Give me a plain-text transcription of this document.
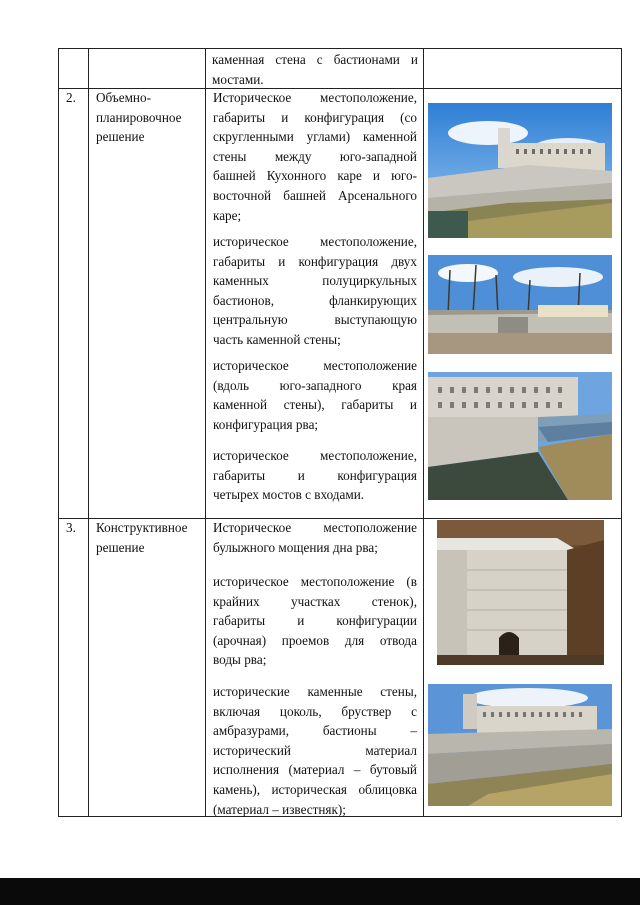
каменная стена с бастионами и мостами.
2. Объемно-
планировочное
решение
Историческое местоположение,
габариты и конфигурация (со
скругленными углами) каменной
стены между юго-западной
башней Кухонного каре и юго-
восточной башней Арсенального
каре;
историческое местоположение,
габариты и конфигурация двух
каменных полуциркульных
бастионов, фланкирующих
центральную выступающую
часть каменной стены;
историческое местоположение
(вдоль юго-западного края
каменной стены), габариты и
конфигурация рва;
историческое местоположение,
габариты и конфигурация
четырех мостов с входами.
3. Конструктивное
решение
Историческое местоположение
булыжного мощения дна рва;
историческое местоположение (в
крайних участках стенок),
габариты и конфигурации
(арочная) проемов для отвода
воды рва;
исторические каменные стены,
включая цоколь, бруствер с
амбразурами, бастионы –
исторический материал
исполнения (материал – бутовый
камень), историческая облицовка
(материал – известняк);
